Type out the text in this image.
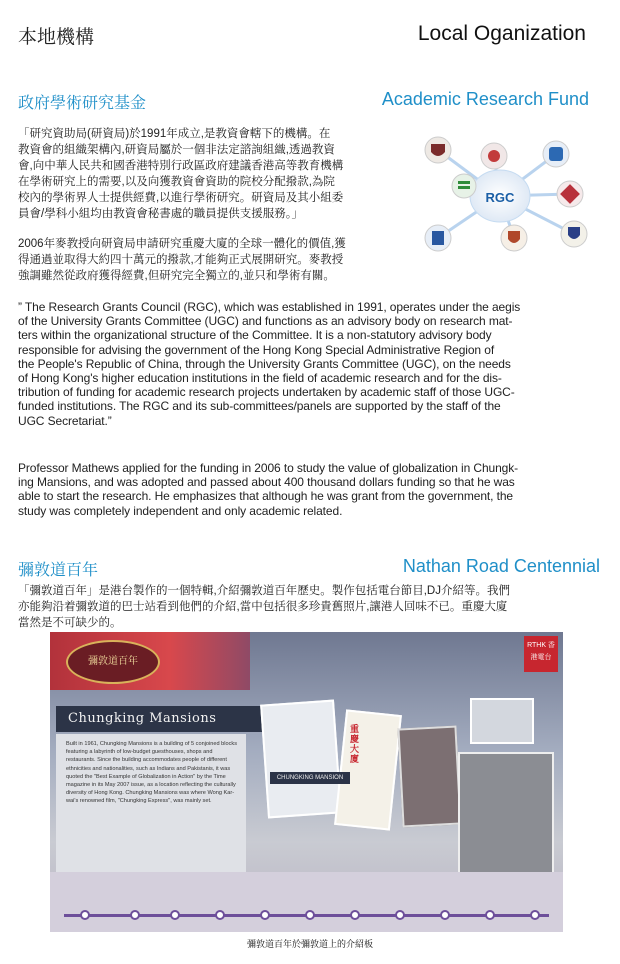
本地機構	Local Oganization
政府學術研究基金	Academic Research Fund
「研究資助局(研資局)於1991年成立,是教資會轄下的機構。在
教資會的組織架構內,研資局屬於一個非法定諮詢組織,透過教資
會,向中華人民共和國香港特別行政區政府建議香港高等教育機構
在學術研究上的需要,以及向獲教資會資助的院校分配撥款,為院
校內的學術界人士提供經費,以進行學術研究。研資局及其小組委
員會/學科小組均由教資會秘書處的職員提供支援服務。」
2006年麥教授向研資局申請研究重慶大廈的全球一體化的價值,獲
得通過並取得大約四十萬元的撥款,才能夠正式展開研究。麥教授
強調雖然從政府獲得經費,但研究完全獨立的,並只和學術有關。
RGC
” The Research Grants Council (RGC), which was established in 1991, operates under the aegis
of the University Grants Committee (UGC) and functions as an advisory body on research mat-
ters within the organizational structure of the Committee. It is a non-statutory advisory body
responsible for advising the government of the Hong Kong Special Administrative Region of
the People's Republic of China, through the University Grants Committee (UGC), on the needs
of Hong Kong's higher education institutions in the field of academic research and for the dis-
tribution of funding for academic research projects undertaken by academic staff of those UGC-
funded institutions. The RGC and its sub-committees/panels are supported by the staff of the
UGC Secretariat.”
Professor Mathews applied for the funding in 2006 to study the value of globalization in Chungk-
ing Mansions, and was adopted and passed about 400 thousand dollars funding so that he was
able to start the research. He emphasizes that although he was grant from the government, the
study was completely independent and only academic related.
彌敦道百年	Nathan Road Centennial
「彌敦道百年」是港台製作的一個特輯,介紹彌敦道百年歷史。製作包括電台節目,DJ介紹等。我們
亦能夠沿着彌敦道的巴士站看到他們的介紹,當中包括很多珍貴舊照片,讓港人回味不已。重慶大廈
當然是不可缺少的。
彌敦道百年
RTHK 香港電台
Chungking Mansions
Built in 1961, Chungking Mansions is a building of 5 conjoined blocks featuring a labyrinth of low-budget guesthouses, shops and restaurants. Since the building accommodates people of different ethnicities and nationalities, such as Indians and Pakistanis, it was quoted the "Best Example of Globalization in Action" by the Time magazine in its May 2007 issue, as a location reflecting the culturally diversity of Hong Kong. Chungking Mansions was where Wong Kar-wai's renowned film, "Chungking Express", was mainly set.
重慶大廈
CHUNGKING MANSION
彌敦道百年於彌敦道上的介紹板
